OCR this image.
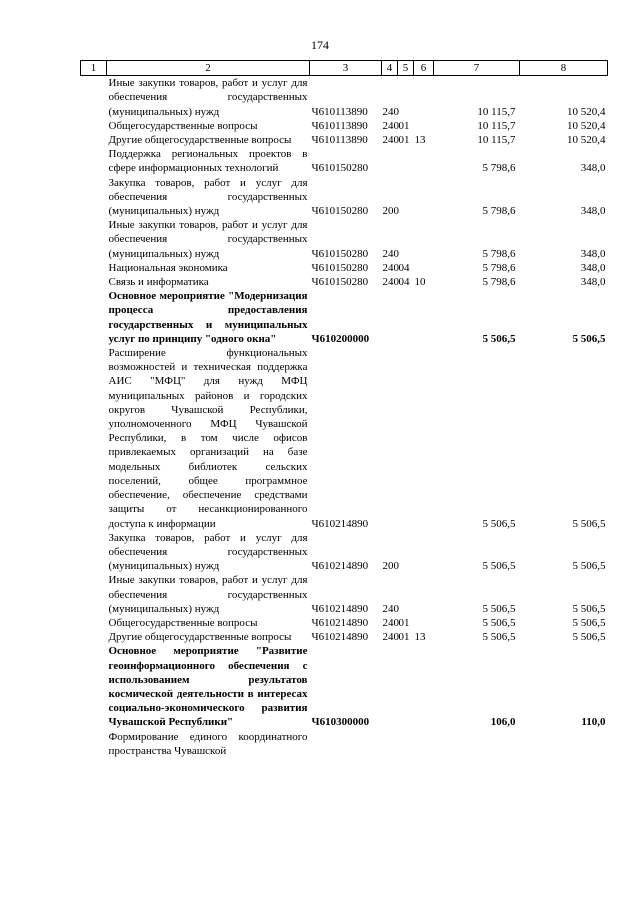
174
1	2	3	4	5	6	7	8
	Иные закупки товаров, работ и услуг для обеспечения государственных (муниципальных) нужд	Ч610113890	240			10 115,7	10 520,4
	Общегосударственные вопросы	Ч610113890	240	01		10 115,7	10 520,4
	Другие общегосударственные вопросы	Ч610113890	240	01	13	10 115,7	10 520,4
	Поддержка региональных проектов в сфере информационных технологий	Ч610150280				5 798,6	348,0
	Закупка товаров, работ и услуг для обеспечения государственных (муниципальных) нужд	Ч610150280	200			5 798,6	348,0
	Иные закупки товаров, работ и услуг для обеспечения государственных (муниципальных) нужд	Ч610150280	240			5 798,6	348,0
	Национальная экономика	Ч610150280	240	04		5 798,6	348,0
	Связь и информатика	Ч610150280	240	04	10	5 798,6	348,0
	Основное мероприятие "Модернизация процесса предоставления государственных и муниципальных услуг по принципу "одного окна"	Ч610200000				5 506,5	5 506,5
	Расширение функциональных возможностей и техническая поддержка АИС "МФЦ" для нужд МФЦ муниципальных районов и городских округов Чувашской Республики, уполномоченного МФЦ Чувашской Республики, в том числе офисов привлекаемых организаций на базе модельных библиотек сельских поселений, общее программное обеспечение, обеспечение средствами защиты от несанкционированного доступа к информации	Ч610214890				5 506,5	5 506,5
	Закупка товаров, работ и услуг для обеспечения государственных (муниципальных) нужд	Ч610214890	200			5 506,5	5 506,5
	Иные закупки товаров, работ и услуг для обеспечения государственных (муниципальных) нужд	Ч610214890	240			5 506,5	5 506,5
	Общегосударственные вопросы	Ч610214890	240	01		5 506,5	5 506,5
	Другие общегосударственные вопросы	Ч610214890	240	01	13	5 506,5	5 506,5
	Основное мероприятие "Развитие геоинформационного обеспечения с использованием результатов космической деятельности в интересах социально-экономического развития Чувашской Республики"	Ч610300000				106,0	110,0
	Формирование единого координатного пространства Чувашской						
